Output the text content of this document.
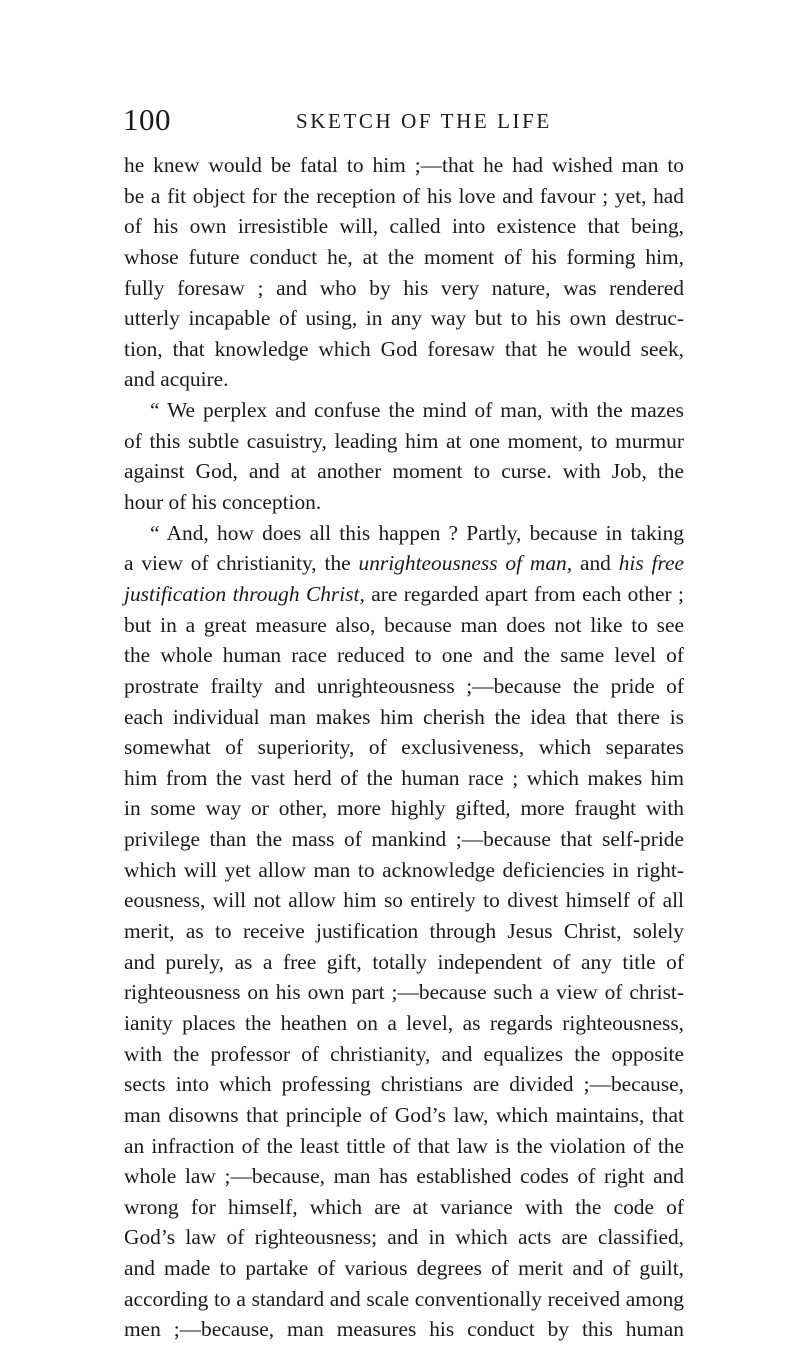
100	SKETCH OF THE LIFE
he knew would be fatal to him ;—that he had wished man to
be a fit object for the reception of his love and favour ; yet, had
of his own irresistible will, called into existence that being,
whose future conduct he, at the moment of his forming him,
fully foresaw ; and who by his very nature, was rendered
utterly incapable of using, in any way but to his own destruc-
tion, that knowledge which God foresaw that he would seek,
and acquire.
“ We perplex and confuse the mind of man, with the mazes
of this subtle casuistry, leading him at one moment, to murmur
against God, and at another moment to curse. with Job, the
hour of his conception.
“ And, how does all this happen ? Partly, because in taking
a view of christianity, the unrighteousness of man, and his free
justification through Christ, are regarded apart from each other ;
but in a great measure also, because man does not like to see
the whole human race reduced to one and the same level of
prostrate frailty and unrighteousness ;—because the pride of
each individual man makes him cherish the idea that there is
somewhat of superiority, of exclusiveness, which separates
him from the vast herd of the human race ; which makes him
in some way or other, more highly gifted, more fraught with
privilege than the mass of mankind ;—because that self-pride
which will yet allow man to acknowledge deficiencies in right-
eousness, will not allow him so entirely to divest himself of all
merit, as to receive justification through Jesus Christ, solely
and purely, as a free gift, totally independent of any title of
righteousness on his own part ;—because such a view of christ-
ianity places the heathen on a level, as regards righteousness,
with the professor of christianity, and equalizes the opposite
sects into which professing christians are divided ;—because,
man disowns that principle of God’s law, which maintains, that
an infraction of the least tittle of that law is the violation of the
whole law ;—because, man has established codes of right and
wrong for himself, which are at variance with the code of
God’s law of righteousness; and in which acts are classified,
and made to partake of various degrees of merit and of guilt,
according to a standard and scale conventionally received among
men ;—because, man measures his conduct by this human
